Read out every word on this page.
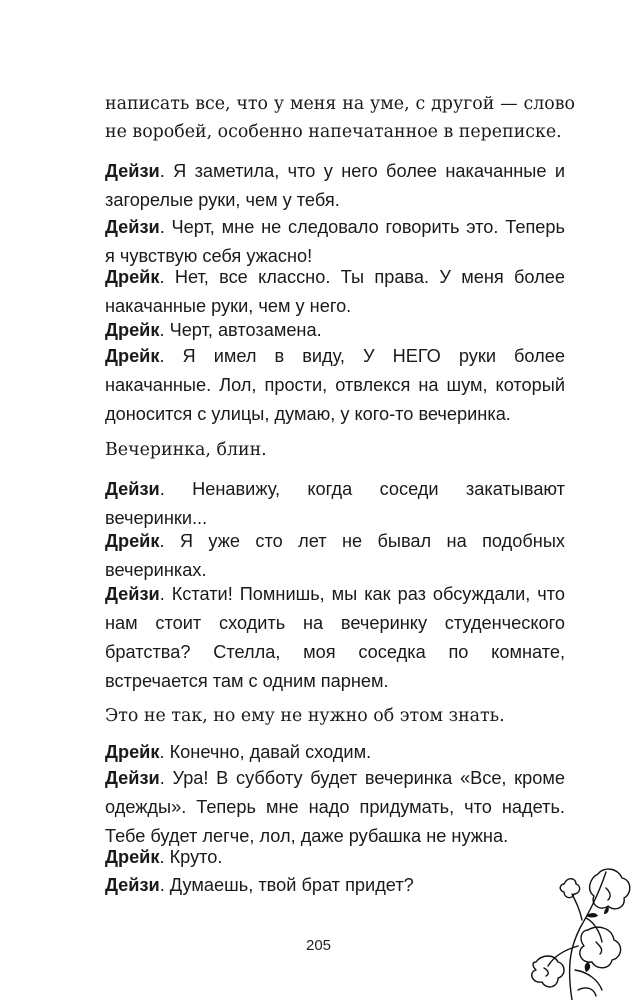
написать все, что у меня на уме, с другой — слово не воробей, особенно напечатанное в переписке.

Дейзи. Я заметила, что у него более накачанные и загорелые руки, чем у тебя.

Дейзи. Черт, мне не следовало говорить это. Теперь я чувствую себя ужасно!

Дрейк. Нет, все классно. Ты права. У меня более накачанные руки, чем у него.

Дрейк. Черт, автозамена.

Дрейк. Я имел в виду, У НЕГО руки более накачанные. Лол, прости, отвлекся на шум, который доносится с улицы, думаю, у кого-то вечеринка.

Вечеринка, блин.

Дейзи. Ненавижу, когда соседи закатывают вечеринки...

Дрейк. Я уже сто лет не бывал на подобных вечеринках.

Дейзи. Кстати! Помнишь, мы как раз обсуждали, что нам стоит сходить на вечеринку студенческого братства? Стелла, моя соседка по комнате, встречается там с одним парнем.

Это не так, но ему не нужно об этом знать.

Дрейк. Конечно, давай сходим.

Дейзи. Ура! В субботу будет вечеринка «Все, кроме одежды». Теперь мне надо придумать, что надеть. Тебе будет легче, лол, даже рубашка не нужна.

Дрейк. Круто.

Дейзи. Думаешь, твой брат придет?

205
